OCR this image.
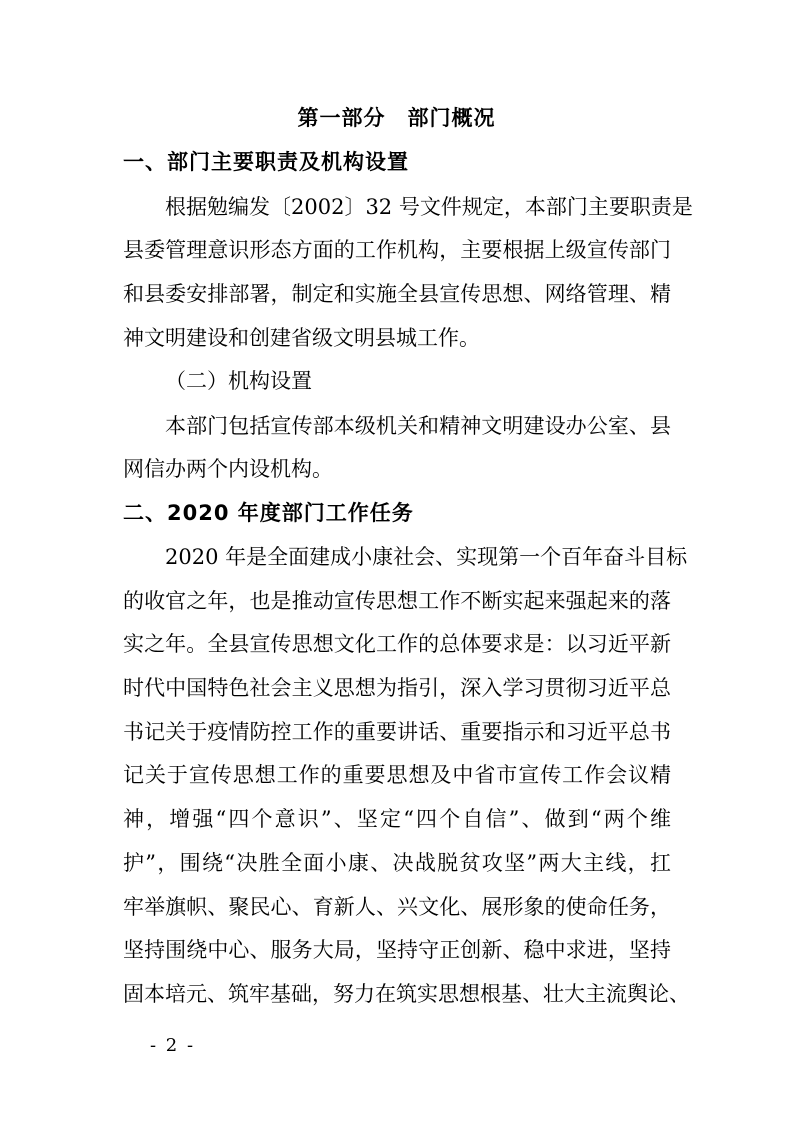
第一部分　部门概况
一、部门主要职责及机构设置
根据勉编发〔2002〕32 号文件规定，本部门主要职责是
县委管理意识形态方面的工作机构，主要根据上级宣传部门
和县委安排部署，制定和实施全县宣传思想、网络管理、精
神文明建设和创建省级文明县城工作。
（二）机构设置
本部门包括宣传部本级机关和精神文明建设办公室、县
网信办两个内设机构。
二、2020 年度部门工作任务
2020 年是全面建成小康社会、实现第一个百年奋斗目标
的收官之年，也是推动宣传思想工作不断实起来强起来的落
实之年。全县宣传思想文化工作的总体要求是：以习近平新
时代中国特色社会主义思想为指引，深入学习贯彻习近平总
书记关于疫情防控工作的重要讲话、重要指示和习近平总书
记关于宣传思想工作的重要思想及中省市宣传工作会议精
神，增强“四个意识”、坚定“四个自信”、做到“两个维
护”，围绕“决胜全面小康、决战脱贫攻坚”两大主线，扛
牢举旗帜、聚民心、育新人、兴文化、展形象的使命任务，
坚持围绕中心、服务大局，坚持守正创新、稳中求进，坚持
固本培元、筑牢基础，努力在筑实思想根基、壮大主流舆论、
- 2 -
